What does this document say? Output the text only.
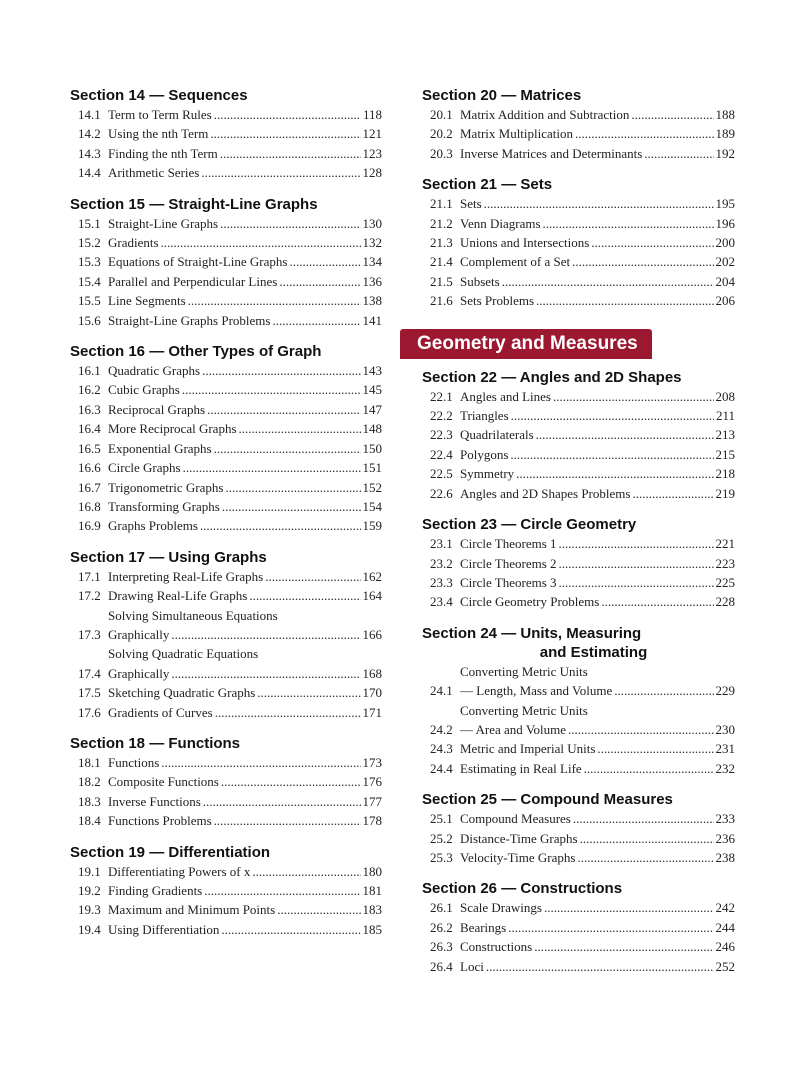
Section 14 — Sequences
14.1 Term to Term Rules .....	118
14.2 Using the nth Term .....	121
14.3 Finding the nth Term .....	123
14.4 Arithmetic Series .....	128
Section 15 — Straight-Line Graphs
15.1 Straight-Line Graphs .....	130
15.2 Gradients .....	132
15.3 Equations of Straight-Line Graphs .....	134
15.4 Parallel and Perpendicular Lines .....	136
15.5 Line Segments .....	138
15.6 Straight-Line Graphs Problems .....	141
Section 16 — Other Types of Graph
16.1 Quadratic Graphs .....	143
16.2 Cubic Graphs .....	145
16.3 Reciprocal Graphs .....	147
16.4 More Reciprocal Graphs .....	148
16.5 Exponential Graphs .....	150
16.6 Circle Graphs .....	151
16.7 Trigonometric Graphs .....	152
16.8 Transforming Graphs .....	154
16.9 Graphs Problems .....	159
Section 17 — Using Graphs
17.1 Interpreting Real-Life Graphs .....	162
17.2 Drawing Real-Life Graphs .....	164
17.3
Solving Simultaneous Equations
Graphically .....	166
17.4
Solving Quadratic Equations
Graphically .....	168
17.5 Sketching Quadratic Graphs .....	170
17.6 Gradients of Curves .....	171
Section 18 — Functions
18.1 Functions .....	173
18.2 Composite Functions .....	176
18.3 Inverse Functions .....	177
18.4 Functions Problems .....	178
Section 19 — Differentiation
19.1 Differentiating Powers of x .....	180
19.2 Finding Gradients .....	181
19.3 Maximum and Minimum Points .....	183
19.4 Using Differentiation .....	185
Section 20 — Matrices
20.1 Matrix Addition and Subtraction .....	188
20.2 Matrix Multiplication .....	189
20.3 Inverse Matrices and Determinants .....	192
Section 21 — Sets
21.1 Sets .....	195
21.2 Venn Diagrams .....	196
21.3 Unions and Intersections .....	200
21.4 Complement of a Set .....	202
21.5 Subsets .....	204
21.6 Sets Problems .....	206
Geometry and Measures
Section 22 — Angles and 2D Shapes
22.1 Angles and Lines .....	208
22.2 Triangles .....	211
22.3 Quadrilaterals .....	213
22.4 Polygons .....	215
22.5 Symmetry .....	218
22.6 Angles and 2D Shapes Problems .....	219
Section 23 — Circle Geometry
23.1 Circle Theorems 1 .....	221
23.2 Circle Theorems 2 .....	223
23.3 Circle Theorems 3 .....	225
23.4 Circle Geometry Problems .....	228
Section 24 — Units, Measuring
and Estimating
24.1
Converting Metric Units
— Length, Mass and Volume .....	229
24.2
Converting Metric Units
— Area and Volume .....	230
24.3 Metric and Imperial Units .....	231
24.4 Estimating in Real Life .....	232
Section 25 — Compound Measures
25.1 Compound Measures .....	233
25.2 Distance-Time Graphs .....	236
25.3 Velocity-Time Graphs .....	238
Section 26 — Constructions
26.1 Scale Drawings .....	242
26.2 Bearings .....	244
26.3 Constructions .....	246
26.4 Loci .....	252
